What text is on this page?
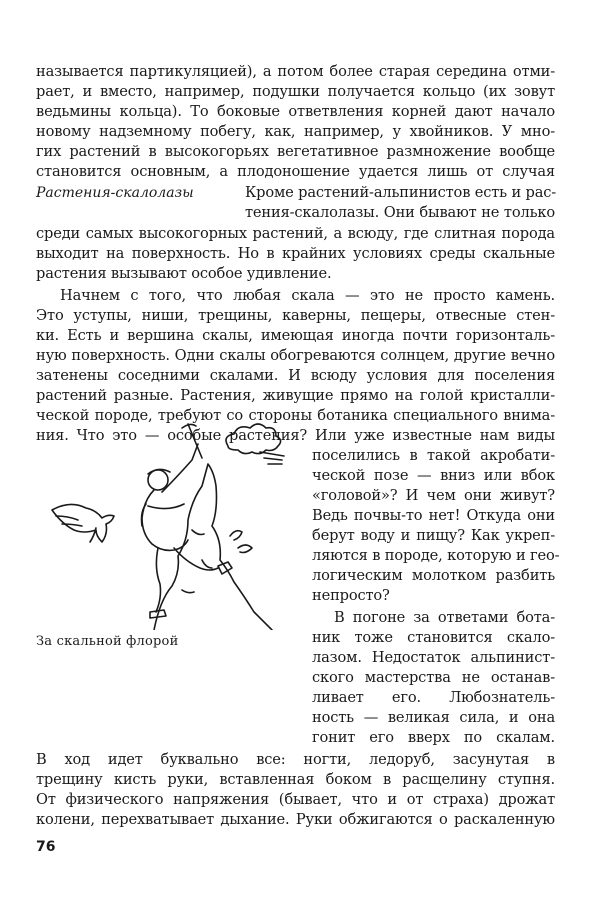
называется партикуляцией), а потом более старая середина отми-
рает, и вместо, например, подушки получается кольцо (их зовут
ведьмины кольца). То боковые ответвления корней дают начало
новому надземному побегу, как, например, у хвойников. У мно-
гих растений в высокогорьях вегетативное размножение вообще
становится основным, а плодоношение удается лишь от случая
Растения-скалолазы	Кроме растений-альпинистов есть и рас-
тения-скалолазы. Они бывают не только
среди самых высокогорных растений, а всюду, где слитная порода
выходит на поверхность. Но в крайних условиях среды скальные
растения вызывают особое удивление.
Начнем с того, что любая скала — это не просто камень.
Это уступы, ниши, трещины, каверны, пещеры, отвесные стен-
ки. Есть и вершина скалы, имеющая иногда почти горизонталь-
ную поверхность. Одни скалы обогреваются солнцем, другие вечно
затенены соседними скалами. И всюду условия для поселения
растений разные. Растения, живущие прямо на голой кристалли-
ческой породе, требуют со стороны ботаника специального внима-
ния. Что это — особые растения? Или уже известные нам виды
поселились в такой акробати-
ческой позе — вниз или вбок
«головой»? И чем они живут?
Ведь почвы-то нет! Откуда они
берут воду и пищу? Как укреп-
ляются в породе, которую и гео-
логическим молотком разбить
непросто?
В погоне за ответами бота-
ник тоже становится скало-
лазом. Недостаток альпинист-
ского мастерства не останав-
ливает его. Любознатель-
ность — великая сила, и она
гонит его вверх по скалам.
За скальной флорой
В ход идет буквально все: ногти, ледоруб, засунутая в
трещину кисть руки, вставленная боком в расщелину ступня.
От физического напряжения (бывает, что и от страха) дрожат
колени, перехватывает дыхание. Руки обжигаются о раскаленную
76
